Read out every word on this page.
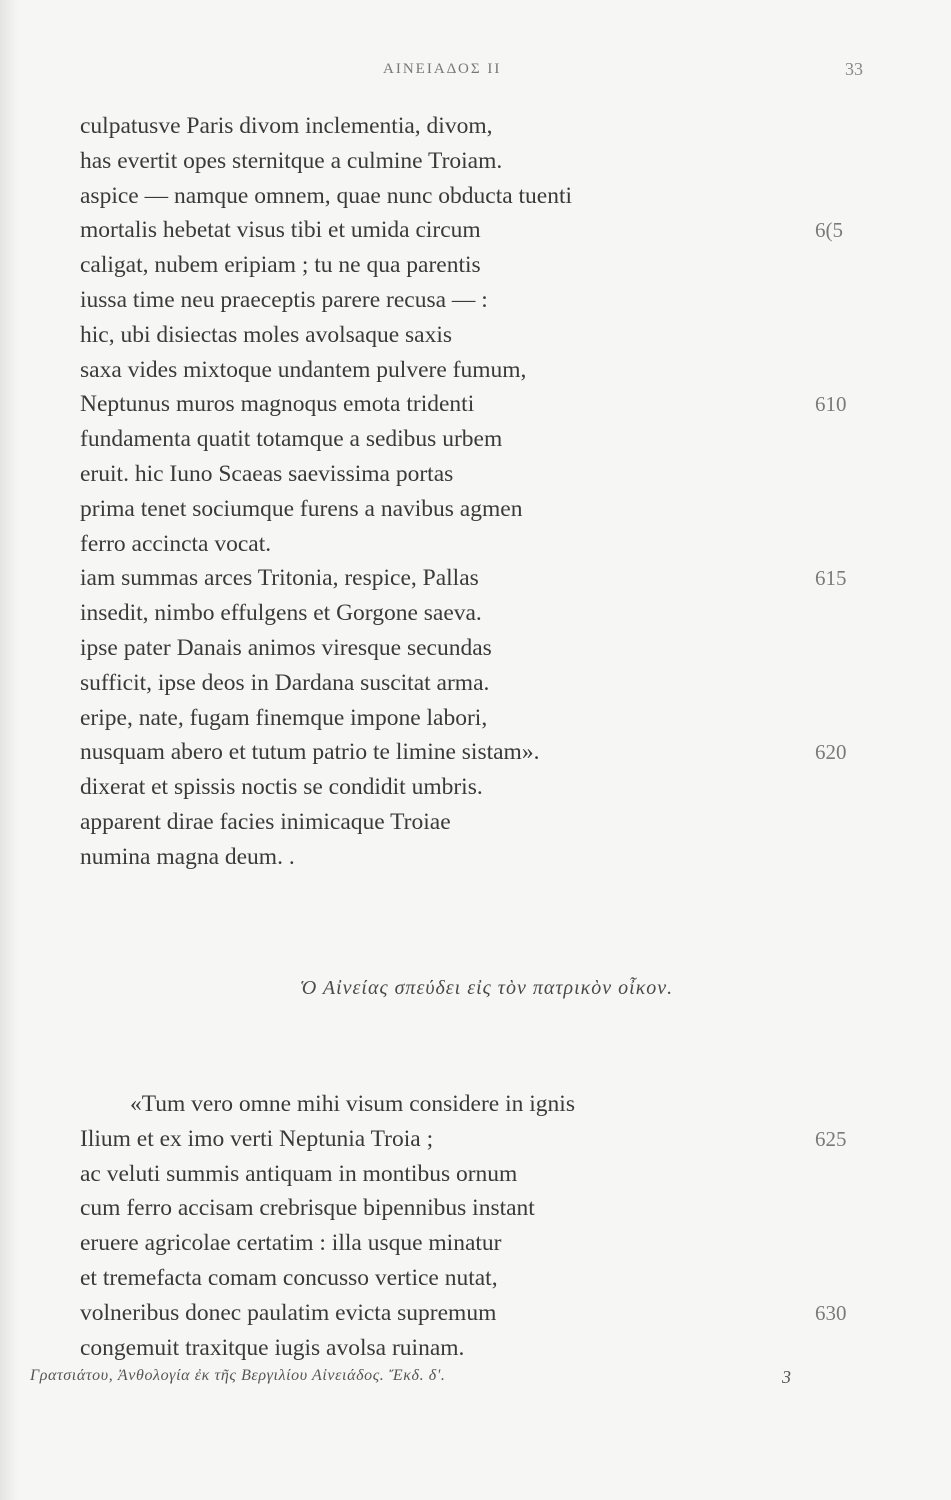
ΑΙΝΕΙΑΔΟΣ ΙΙ	33
culpatusve Paris divom inclementia, divom,
has evertit opes sternitque a culmine Troiam.
aspice — namque omnem, quae nunc obducta tuenti
mortalis hebetat visus tibi et umida circum	6(5
caligat, nubem eripiam ; tu ne qua parentis
iussa time neu praeceptis parere recusa — :
hic, ubi disiectas moles avolsaque saxis
saxa vides mixtoque undantem pulvere fumum,
Neptunus muros magnoqus emota tridenti	610
fundamenta quatit totamque a sedibus urbem
eruit. hic Iuno Scaeas saevissima portas
prima tenet sociumque furens a navibus agmen
ferro accincta vocat.
iam summas arces Tritonia, respice, Pallas	615
insedit, nimbo effulgens et Gorgone saeva.
ipse pater Danais animos viresque secundas
sufficit, ipse deos in Dardana suscitat arma.
eripe, nate, fugam finemque impone labori,
nusquam abero et tutum patrio te limine sistam».	620
dixerat et spissis noctis se condidit umbris.
apparent dirae facies inimicaque Troiae
numina magna deum. .
Ὁ Αἰνείας σπεύδει εἰς τὸν πατρικὸν οἶκον.
«Tum vero omne mihi visum considere in ignis
Ilium et ex imo verti Neptunia Troia ;	625
ac veluti summis antiquam in montibus ornum
cum ferro accisam crebrisque bipennibus instant
eruere agricolae certatim : illa usque minatur
et tremefacta comam concusso vertice nutat,
volneribus donec paulatim evicta supremum	630
congemuit traxitque iugis avolsa ruinam.
Γρατσιάτου, Ἀνθολογία ἐκ τῆς Βεργιλίου Αἰνειάδος. Ἔκδ. δ'.	3
